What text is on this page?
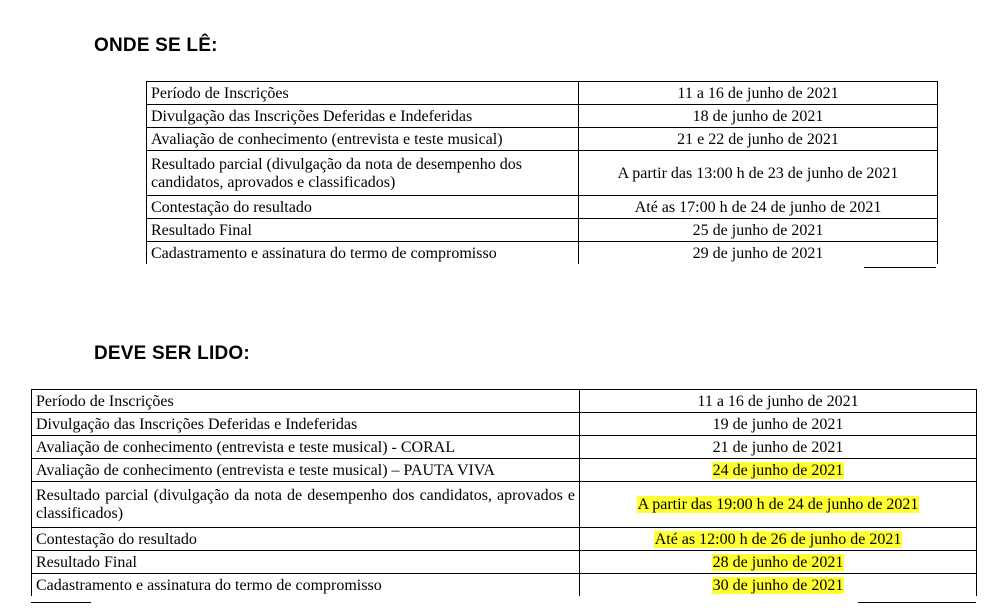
ONDE SE LÊ:
Período de Inscrições	11 a 16 de junho de 2021
Divulgação das Inscrições Deferidas e Indeferidas	18 de junho de 2021
Avaliação de conhecimento (entrevista e teste musical)	21 e 22 de junho de 2021
Resultado parcial (divulgação da nota de desempenho dos candidatos, aprovados e classificados)	A partir das 13:00 h de 23 de junho de 2021
Contestação do resultado	Até as 17:00 h de 24 de junho de 2021
Resultado Final	25 de junho de 2021
Cadastramento e assinatura do termo de compromisso	29 de junho de 2021
DEVE SER LIDO:
Período de Inscrições	11 a 16 de junho de 2021
Divulgação das Inscrições Deferidas e Indeferidas	19 de junho de 2021
Avaliação de conhecimento (entrevista e teste musical) - CORAL	21 de junho de 2021
Avaliação de conhecimento (entrevista e teste musical) – PAUTA VIVA	24 de junho de 2021
Resultado parcial (divulgação da nota de desempenho dos candidatos, aprovados e classificados)	A partir das 19:00 h de 24 de junho de 2021
Contestação do resultado	Até as 12:00 h de 26 de junho de 2021
Resultado Final	28 de junho de 2021
Cadastramento e assinatura do termo de compromisso	30 de junho de 2021
